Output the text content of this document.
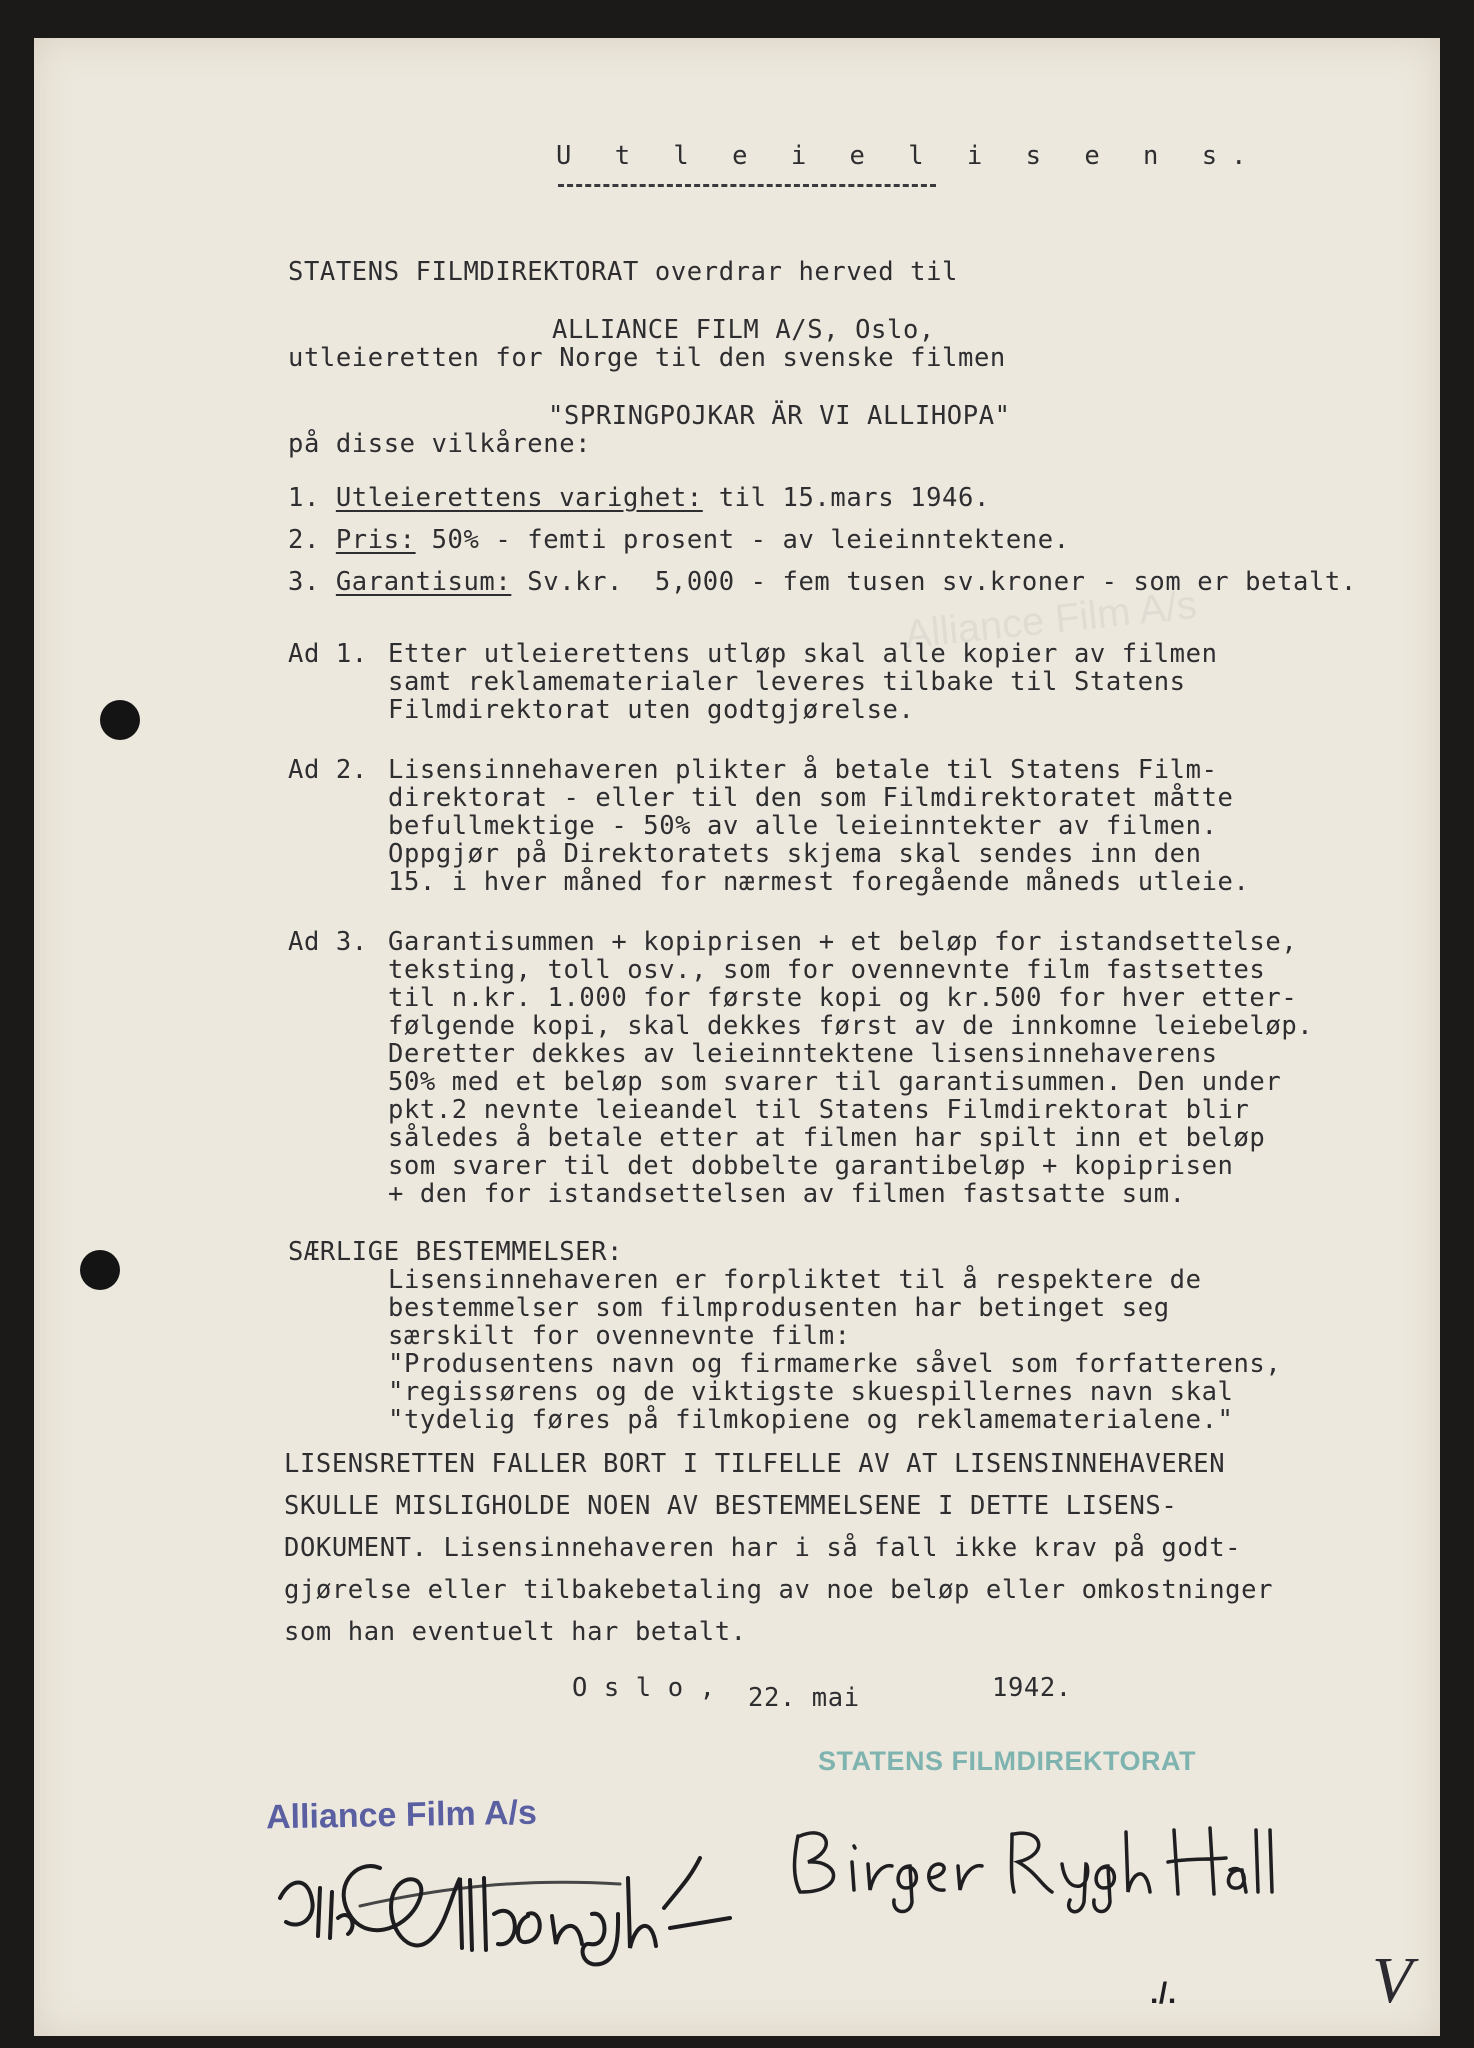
Alliance Film A/s
U t l e i e l i s e n s.
STATENS FILMDIREKTORAT overdrar herved til
ALLIANCE FILM A/S, Oslo,
utleieretten for Norge til den svenske filmen
"SPRINGPOJKAR ÄR VI ALLIHOPA"
på disse vilkårene:
1. Utleierettens varighet: til 15.mars 1946.
2. Pris: 50% - femti prosent - av leieinntektene.
3. Garantisum: Sv.kr.  5,000 - fem tusen sv.kroner - som er betalt.
Ad 1. Etter utleierettens utløp skal alle kopier av filmen
samt reklamematerialer leveres tilbake til Statens
Filmdirektorat uten godtgjørelse.
Ad 2. Lisensinnehaveren plikter å betale til Statens Film-
direktorat - eller til den som Filmdirektoratet måtte
befullmektige - 50% av alle leieinntekter av filmen.
Oppgjør på Direktoratets skjema skal sendes inn den
15. i hver måned for nærmest foregående måneds utleie.
Ad 3. Garantisummen + kopiprisen + et beløp for istandsettelse,
teksting, toll osv., som for ovennevnte film fastsettes
til n.kr. 1.000 for første kopi og kr.500 for hver etter-
følgende kopi, skal dekkes først av de innkomne leiebeløp.
Deretter dekkes av leieinntektene lisensinnehaverens
50% med et beløp som svarer til garantisummen. Den under
pkt.2 nevnte leieandel til Statens Filmdirektorat blir
således å betale etter at filmen har spilt inn et beløp
som svarer til det dobbelte garantibeløp + kopiprisen
+ den for istandsettelsen av filmen fastsatte sum.
SÆRLIGE BESTEMMELSER:
Lisensinnehaveren er forpliktet til å respektere de
bestemmelser som filmprodusenten har betinget seg
særskilt for ovennevnte film:
"Produsentens navn og firmamerke såvel som forfatterens,
"regissørens og de viktigste skuespillernes navn skal
"tydelig føres på filmkopiene og reklamematerialene."
LISENSRETTEN FALLER BORT I TILFELLE AV AT LISENSINNEHAVEREN
SKULLE MISLIGHOLDE NOEN AV BESTEMMELSENE I DETTE LISENS-
DOKUMENT. Lisensinnehaveren har i så fall ikke krav på godt-
gjørelse eller tilbakebetaling av noe beløp eller omkostninger
som han eventuelt har betalt.
O s l o , 22. mai	1942.
Alliance Film A/s
STATENS FILMDIREKTORAT
./.	V
